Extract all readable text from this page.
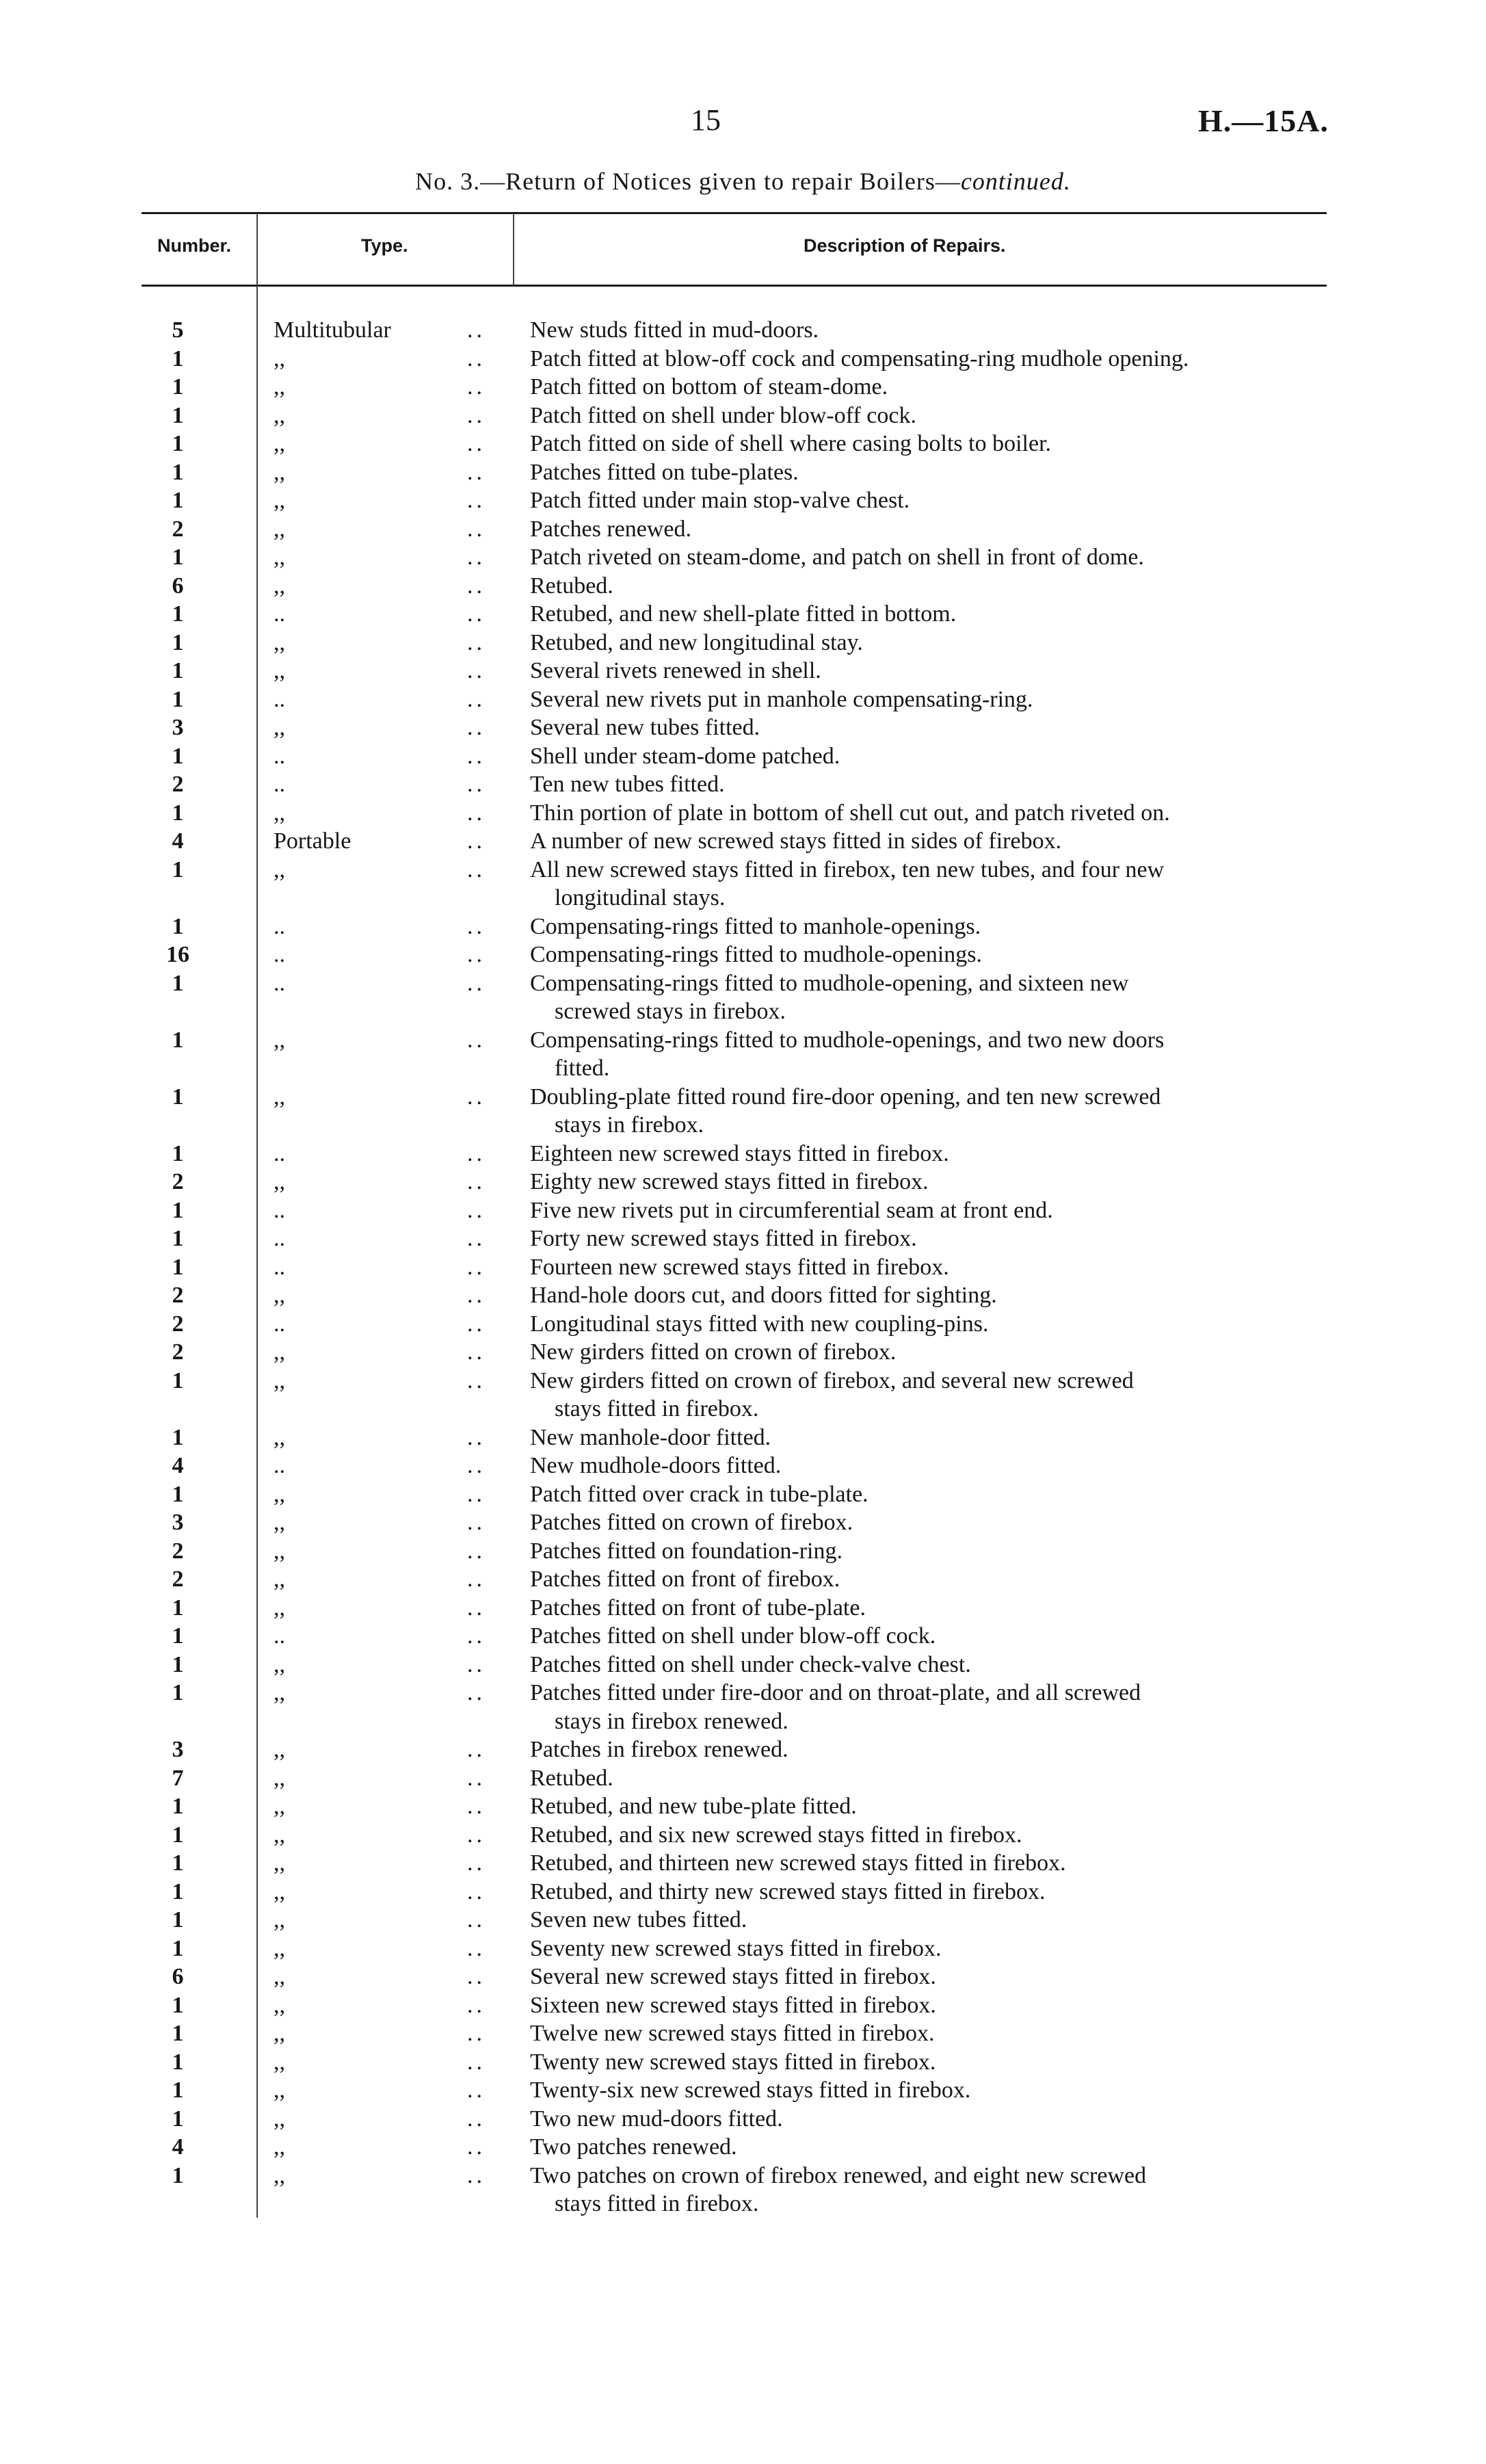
15	H.—15A.
No. 3.—Return of Notices given to repair Boilers—continued.
Number.	Type.	Description of Repairs.
5	Multitubular	.. New studs fitted in mud-doors.
1	,,	.. Patch fitted at blow-off cock and compensating-ring mudhole opening.
1	,,	.. Patch fitted on bottom of steam-dome.
1	,,	.. Patch fitted on shell under blow-off cock.
1	,,	.. Patch fitted on side of shell where casing bolts to boiler.
1	,,	.. Patches fitted on tube-plates.
1	,,	.. Patch fitted under main stop-valve chest.
2	,,	.. Patches renewed.
1	,,	.. Patch riveted on steam-dome, and patch on shell in front of dome.
6	,,	.. Retubed.
1	..	.. Retubed, and new shell-plate fitted in bottom.
1	,,	.. Retubed, and new longitudinal stay.
1	,,	.. Several rivets renewed in shell.
1	..	.. Several new rivets put in manhole compensating-ring.
3	,,	.. Several new tubes fitted.
1	..	.. Shell under steam-dome patched.
2	..	.. Ten new tubes fitted.
1	,,	.. Thin portion of plate in bottom of shell cut out, and patch riveted on.
4	Portable	.. A number of new screwed stays fitted in sides of firebox.
1	,,	.. All new screwed stays fitted in firebox, ten new tubes, and four new
longitudinal stays.
1	..	.. Compensating-rings fitted to manhole-openings.
16	..	.. Compensating-rings fitted to mudhole-openings.
1	..	.. Compensating-rings fitted to mudhole-opening, and sixteen new
screwed stays in firebox.
1	,,	.. Compensating-rings fitted to mudhole-openings, and two new doors
fitted.
1	,,	.. Doubling-plate fitted round fire-door opening, and ten new screwed
stays in firebox.
1	..	.. Eighteen new screwed stays fitted in firebox.
2	,,	.. Eighty new screwed stays fitted in firebox.
1	..	.. Five new rivets put in circumferential seam at front end.
1	..	.. Forty new screwed stays fitted in firebox.
1	..	.. Fourteen new screwed stays fitted in firebox.
2	,,	.. Hand-hole doors cut, and doors fitted for sighting.
2	..	.. Longitudinal stays fitted with new coupling-pins.
2	,,	.. New girders fitted on crown of firebox.
1	,,	.. New girders fitted on crown of firebox, and several new screwed
stays fitted in firebox.
1	,,	.. New manhole-door fitted.
4	..	.. New mudhole-doors fitted.
1	,,	.. Patch fitted over crack in tube-plate.
3	,,	.. Patches fitted on crown of firebox.
2	,,	.. Patches fitted on foundation-ring.
2	,,	.. Patches fitted on front of firebox.
1	,,	.. Patches fitted on front of tube-plate.
1	..	.. Patches fitted on shell under blow-off cock.
1	,,	.. Patches fitted on shell under check-valve chest.
1	,,	.. Patches fitted under fire-door and on throat-plate, and all screwed
stays in firebox renewed.
3	,,	.. Patches in firebox renewed.
7	,,	.. Retubed.
1	,,	.. Retubed, and new tube-plate fitted.
1	,,	.. Retubed, and six new screwed stays fitted in firebox.
1	,,	.. Retubed, and thirteen new screwed stays fitted in firebox.
1	,,	.. Retubed, and thirty new screwed stays fitted in firebox.
1	,,	.. Seven new tubes fitted.
1	,,	.. Seventy new screwed stays fitted in firebox.
6	,,	.. Several new screwed stays fitted in firebox.
1	,,	.. Sixteen new screwed stays fitted in firebox.
1	,,	.. Twelve new screwed stays fitted in firebox.
1	,,	.. Twenty new screwed stays fitted in firebox.
1	,,	.. Twenty-six new screwed stays fitted in firebox.
1	,,	.. Two new mud-doors fitted.
4	,,	.. Two patches renewed.
1	,,	.. Two patches on crown of firebox renewed, and eight new screwed
stays fitted in firebox.
